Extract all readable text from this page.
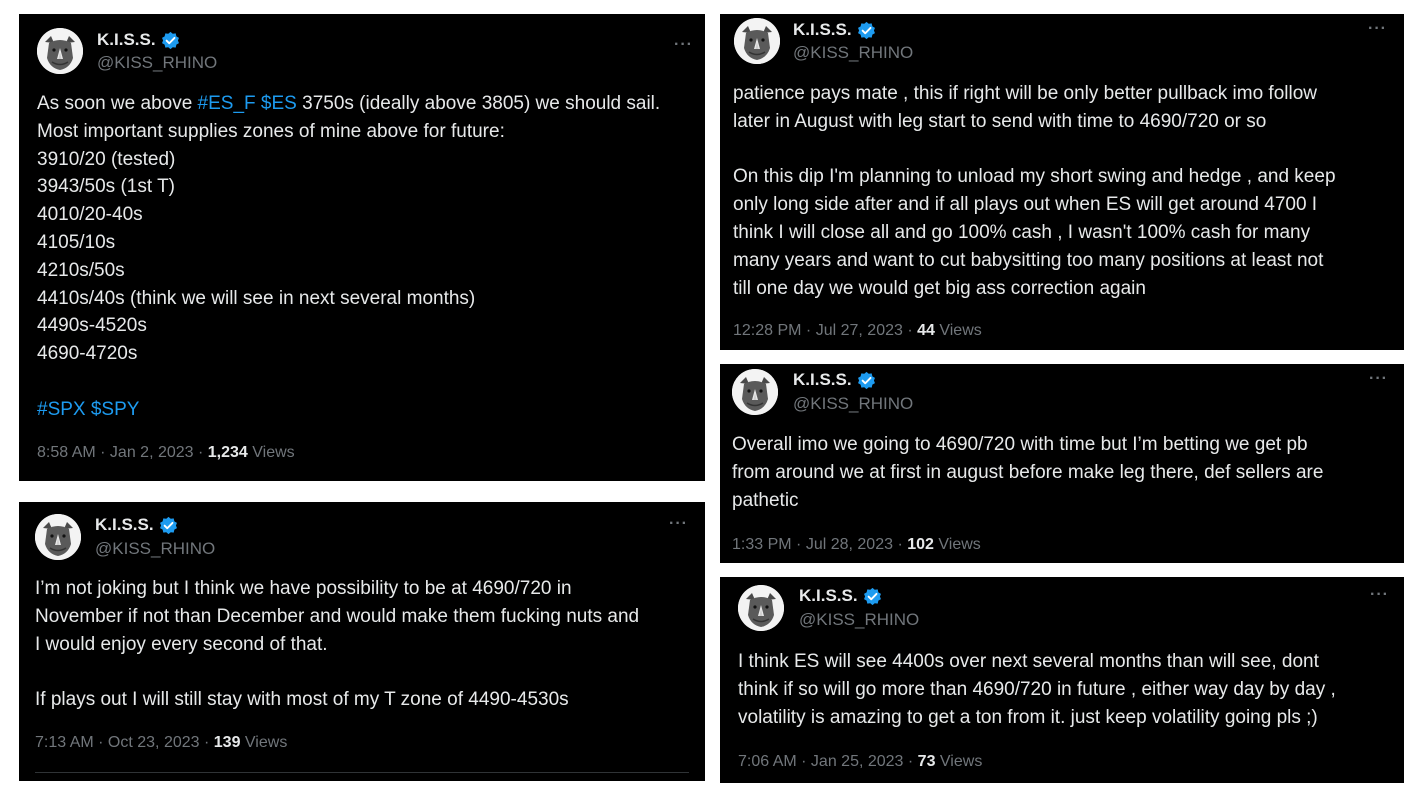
K.I.S.S.
@KISS_RHINO
···
As soon we above #ES_F $ES 3750s (ideally above 3805) we should sail.
Most important supplies zones of mine above for future:
3910/20 (tested)
3943/50s (1st T)
4010/20-40s
4105/10s
4210s/50s
4410s/40s (think we will see in next several months)
4490s-4520s
4690-4720s
#SPX $SPY
8:58 AM · Jan 2, 2023 · 1,234 Views
K.I.S.S.
@KISS_RHINO
···
I’m not joking but I think we have possibility to be at 4690/720 in
November if not than December and would make them fucking nuts and
I would enjoy every second of that.
If plays out I will still stay with most of my T zone of 4490-4530s
7:13 AM · Oct 23, 2023 · 139 Views
K.I.S.S.
@KISS_RHINO
···
patience pays mate , this if right will be only better pullback imo follow
later in August with leg start to send with time to 4690/720 or so
On this dip I'm planning to unload my short swing and hedge , and keep
only long side after and if all plays out when ES will get around 4700 I
think I will close all and go 100% cash , I wasn't 100% cash for many
many years and want to cut babysitting too many positions at least not
till one day we would get big ass correction again
12:28 PM · Jul 27, 2023 · 44 Views
K.I.S.S.
@KISS_RHINO
···
Overall imo we going to 4690/720 with time but I’m betting we get pb
from around we at first in august before make leg there, def sellers are
pathetic
1:33 PM · Jul 28, 2023 · 102 Views
K.I.S.S.
@KISS_RHINO
···
I think ES will see 4400s over next several months than will see, dont
think if so will go more than 4690/720 in future , either way day by day ,
volatility is amazing to get a ton from it. just keep volatility going pls ;)
7:06 AM · Jan 25, 2023 · 73 Views
